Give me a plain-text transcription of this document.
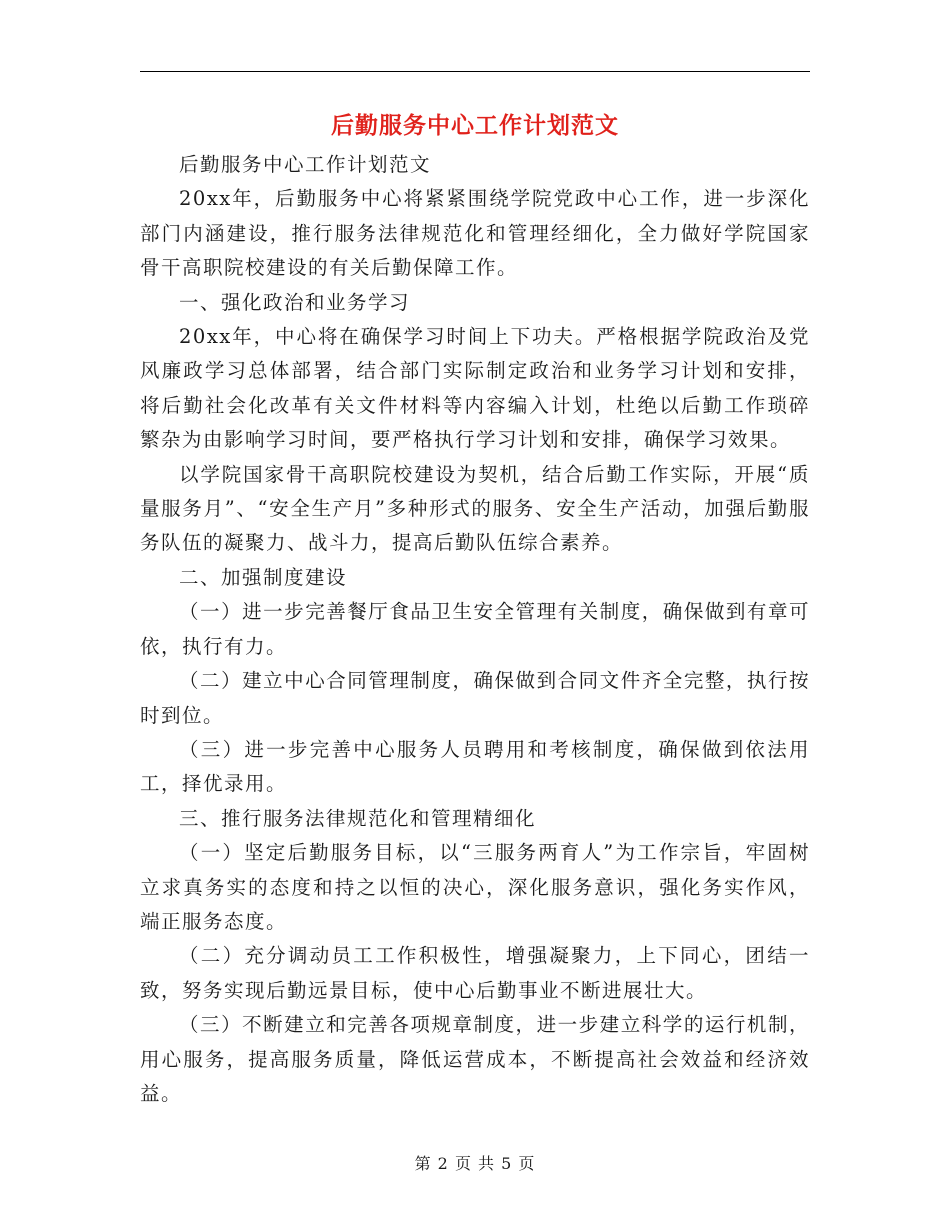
后勤服务中心工作计划范文

后勤服务中心工作计划范文

20xx年，后勤服务中心将紧紧围绕学院党政中心工作，进一步深化部门内涵建设，推行服务法律规范化和管理经细化，全力做好学院国家骨干高职院校建设的有关后勤保障工作。

一、强化政治和业务学习

20xx年，中心将在确保学习时间上下功夫。严格根据学院政治及党风廉政学习总体部署，结合部门实际制定政治和业务学习计划和安排，将后勤社会化改革有关文件材料等内容编入计划，杜绝以后勤工作琐碎繁杂为由影响学习时间，要严格执行学习计划和安排，确保学习效果。

以学院国家骨干高职院校建设为契机，结合后勤工作实际，开展“质量服务月”、“安全生产月”多种形式的服务、安全生产活动，加强后勤服务队伍的凝聚力、战斗力，提高后勤队伍综合素养。

二、加强制度建设

（一）进一步完善餐厅食品卫生安全管理有关制度，确保做到有章可依，执行有力。

（二）建立中心合同管理制度，确保做到合同文件齐全完整，执行按时到位。

（三）进一步完善中心服务人员聘用和考核制度，确保做到依法用工，择优录用。

三、推行服务法律规范化和管理精细化

（一）坚定后勤服务目标，以“三服务两育人”为工作宗旨，牢固树立求真务实的态度和持之以恒的决心，深化服务意识，强化务实作风，端正服务态度。

（二）充分调动员工工作积极性，增强凝聚力，上下同心，团结一致，努务实现后勤远景目标，使中心后勤事业不断进展壮大。

（三）不断建立和完善各项规章制度，进一步建立科学的运行机制，用心服务，提高服务质量，降低运营成本，不断提高社会效益和经济效益。

第 2 页 共 5 页
